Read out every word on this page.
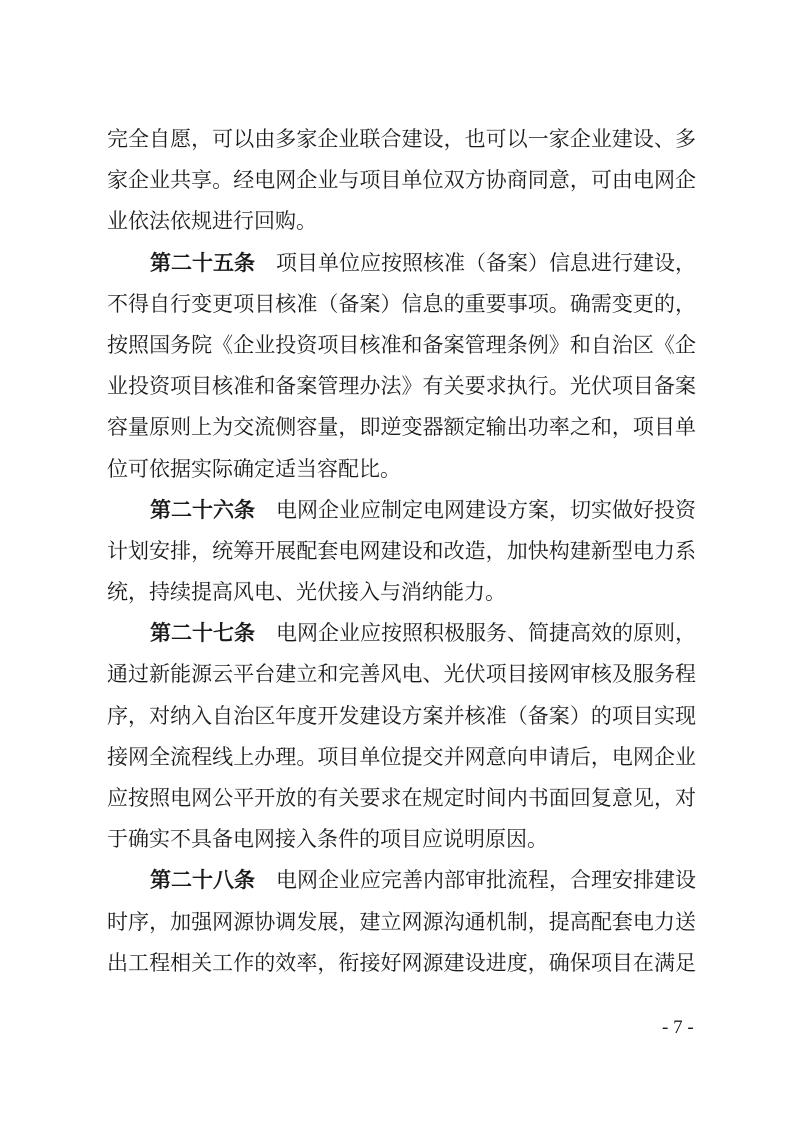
完全自愿，可以由多家企业联合建设，也可以一家企业建设、多
家企业共享。经电网企业与项目单位双方协商同意，可由电网企
业依法依规进行回购。
第二十五条 项目单位应按照核准（备案）信息进行建设，
不得自行变更项目核准（备案）信息的重要事项。确需变更的，
按照国务院《企业投资项目核准和备案管理条例》和自治区《企
业投资项目核准和备案管理办法》有关要求执行。光伏项目备案
容量原则上为交流侧容量，即逆变器额定输出功率之和，项目单
位可依据实际确定适当容配比。
第二十六条 电网企业应制定电网建设方案，切实做好投资
计划安排，统筹开展配套电网建设和改造，加快构建新型电力系
统，持续提高风电、光伏接入与消纳能力。
第二十七条 电网企业应按照积极服务、简捷高效的原则，
通过新能源云平台建立和完善风电、光伏项目接网审核及服务程
序，对纳入自治区年度开发建设方案并核准（备案）的项目实现
接网全流程线上办理。项目单位提交并网意向申请后，电网企业
应按照电网公平开放的有关要求在规定时间内书面回复意见，对
于确实不具备电网接入条件的项目应说明原因。
第二十八条 电网企业应完善内部审批流程，合理安排建设
时序，加强网源协调发展，建立网源沟通机制，提高配套电力送
出工程相关工作的效率，衔接好网源建设进度，确保项目在满足
- 7 -
